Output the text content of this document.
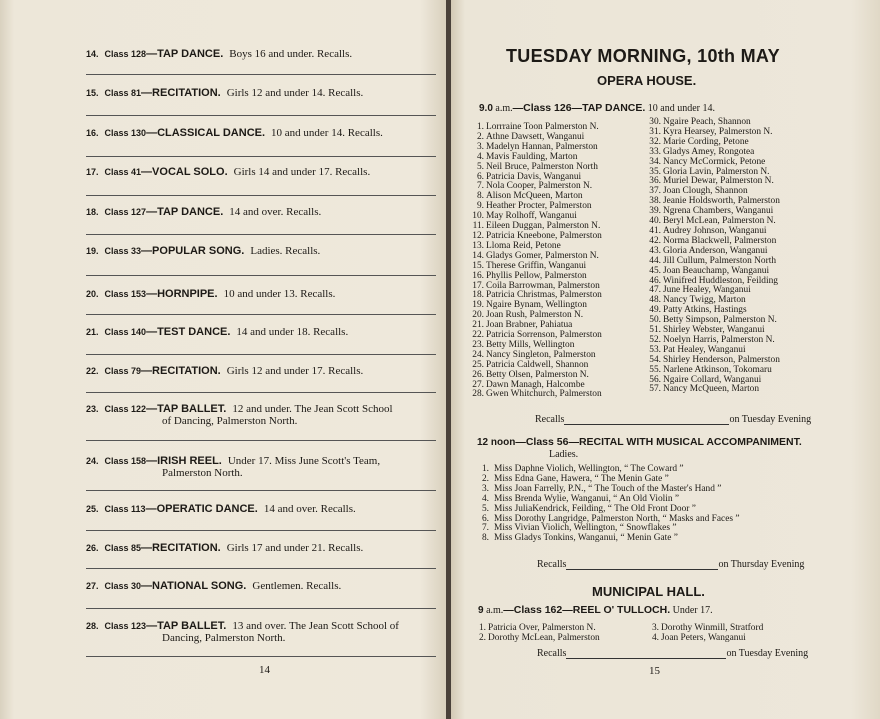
14. Class 128—TAP DANCE. Boys 16 and under. Recalls.
15. Class 81—RECITATION. Girls 12 and under 14. Recalls.
16. Class 130—CLASSICAL DANCE. 10 and under 14. Recalls.
17. Class 41—VOCAL SOLO. Girls 14 and under 17. Recalls.
18. Class 127—TAP DANCE. 14 and over. Recalls.
19. Class 33—POPULAR SONG. Ladies. Recalls.
20. Class 153—HORNPIPE. 10 and under 13. Recalls.
21. Class 140—TEST DANCE. 14 and under 18. Recalls.
22. Class 79—RECITATION. Girls 12 and under 17. Recalls.
23. Class 122—TAP BALLET. 12 and under. The Jean Scott School
of Dancing, Palmerston North.
24. Class 158—IRISH REEL. Under 17. Miss June Scott's Team,
Palmerston North.
25. Class 113—OPERATIC DANCE. 14 and over. Recalls.
26. Class 85—RECITATION. Girls 17 and under 21. Recalls.
27. Class 30—NATIONAL SONG. Gentlemen. Recalls.
28. Class 123—TAP BALLET. 13 and over. The Jean Scott School of
Dancing, Palmerston North.
14
TUESDAY MORNING, 10th MAY
OPERA HOUSE.
9.0 a.m.—Class 126—TAP DANCE. 10 and under 14.
1. Lorrraine Toon Palmerston N.
2. Athne Dawsett, Wanganui
3. Madelyn Hannan, Palmerston
4. Mavis Faulding, Marton
5. Neil Bruce, Palmerston North
6. Patricia Davis, Wanganui
7. Nola Cooper, Palmerston N.
8. Alison McQueen, Marton
9. Heather Procter, Palmerston
10. May Rolhoff, Wanganui
11. Eileen Duggan, Palmerston N.
12. Patricia Kneebone, Palmerston
13. Lloma Reid, Petone
14. Gladys Gomer, Palmerston N.
15. Therese Griffin, Wanganui
16. Phyllis Pellow, Palmerston
17. Coila Barrowman, Palmerston
18. Patricia Christmas, Palmerston
19. Ngaire Bynam, Wellington
20. Joan Rush, Palmerston N.
21. Joan Brabner, Pahiatua
22. Patricia Sorrenson, Palmerston
23. Betty Mills, Wellington
24. Nancy Singleton, Palmerston
25. Patricia Caldwell, Shannon
26. Betty Olsen, Palmerston N.
27. Dawn Managh, Halcombe
28. Gwen Whitchurch, Palmerston
30. Ngaire Peach, Shannon
31. Kyra Hearsey, Palmerston N.
32. Marie Cording, Petone
33. Gladys Amey, Rongotea
34. Nancy McCormick, Petone
35. Gloria Lavin, Palmerston N.
36. Muriel Dewar, Palmerston N.
37. Joan Clough, Shannon
38. Jeanie Holdsworth, Palmerston
39. Ngrena Chambers, Wanganui
40. Beryl McLean, Palmerston N.
41. Audrey Johnson, Wanganui
42. Norma Blackwell, Palmerston
43. Gloria Anderson, Wanganui
44. Jill Cullum, Palmerston North
45. Joan Beauchamp, Wanganui
46. Winifred Huddleston, Feilding
47. June Healey, Wanganui
48. Nancy Twigg, Marton
49. Patty Atkins, Hastings
50. Betty Simpson, Palmerston N.
51. Shirley Webster, Wanganui
52. Noelyn Harris, Palmerston N.
53. Pat Healey, Wanganui
54. Shirley Henderson, Palmerston
55. Narlene Atkinson, Tokomaru
56. Ngaire Collard, Wanganui
57. Nancy McQueen, Marton
Recalls	on Tuesday Evening
12 noon—Class 56—RECITAL WITH MUSICAL ACCOMPANIMENT.
Ladies.
1. Miss Daphne Violich, Wellington, “ The Coward ”
2. Miss Edna Gane, Hawera, “ The Menin Gate ”
3. Miss Joan Farrelly, P.N., “ The Touch of the Master's Hand ”
4. Miss Brenda Wylie, Wanganui, “ An Old Violin ”
5. Miss JuliaKendrick, Feilding, “ The Old Front Door ”
6. Miss Dorothy Langridge, Palmerston North, “ Masks and Faces ”
7. Miss Vivian Violich, Wellington, “ Snowflakes ”
8. Miss Gladys Tonkins, Wanganui, “ Menin Gate ”
Recalls	on Thursday Evening
MUNICIPAL HALL.
9 a.m.—Class 162—REEL O' TULLOCH. Under 17.
1. Patricia Over, Palmerston N.
2. Dorothy McLean, Palmerston
3. Dorothy Winmill, Stratford
4. Joan Peters, Wanganui
Recalls	on Tuesday Evening
15
